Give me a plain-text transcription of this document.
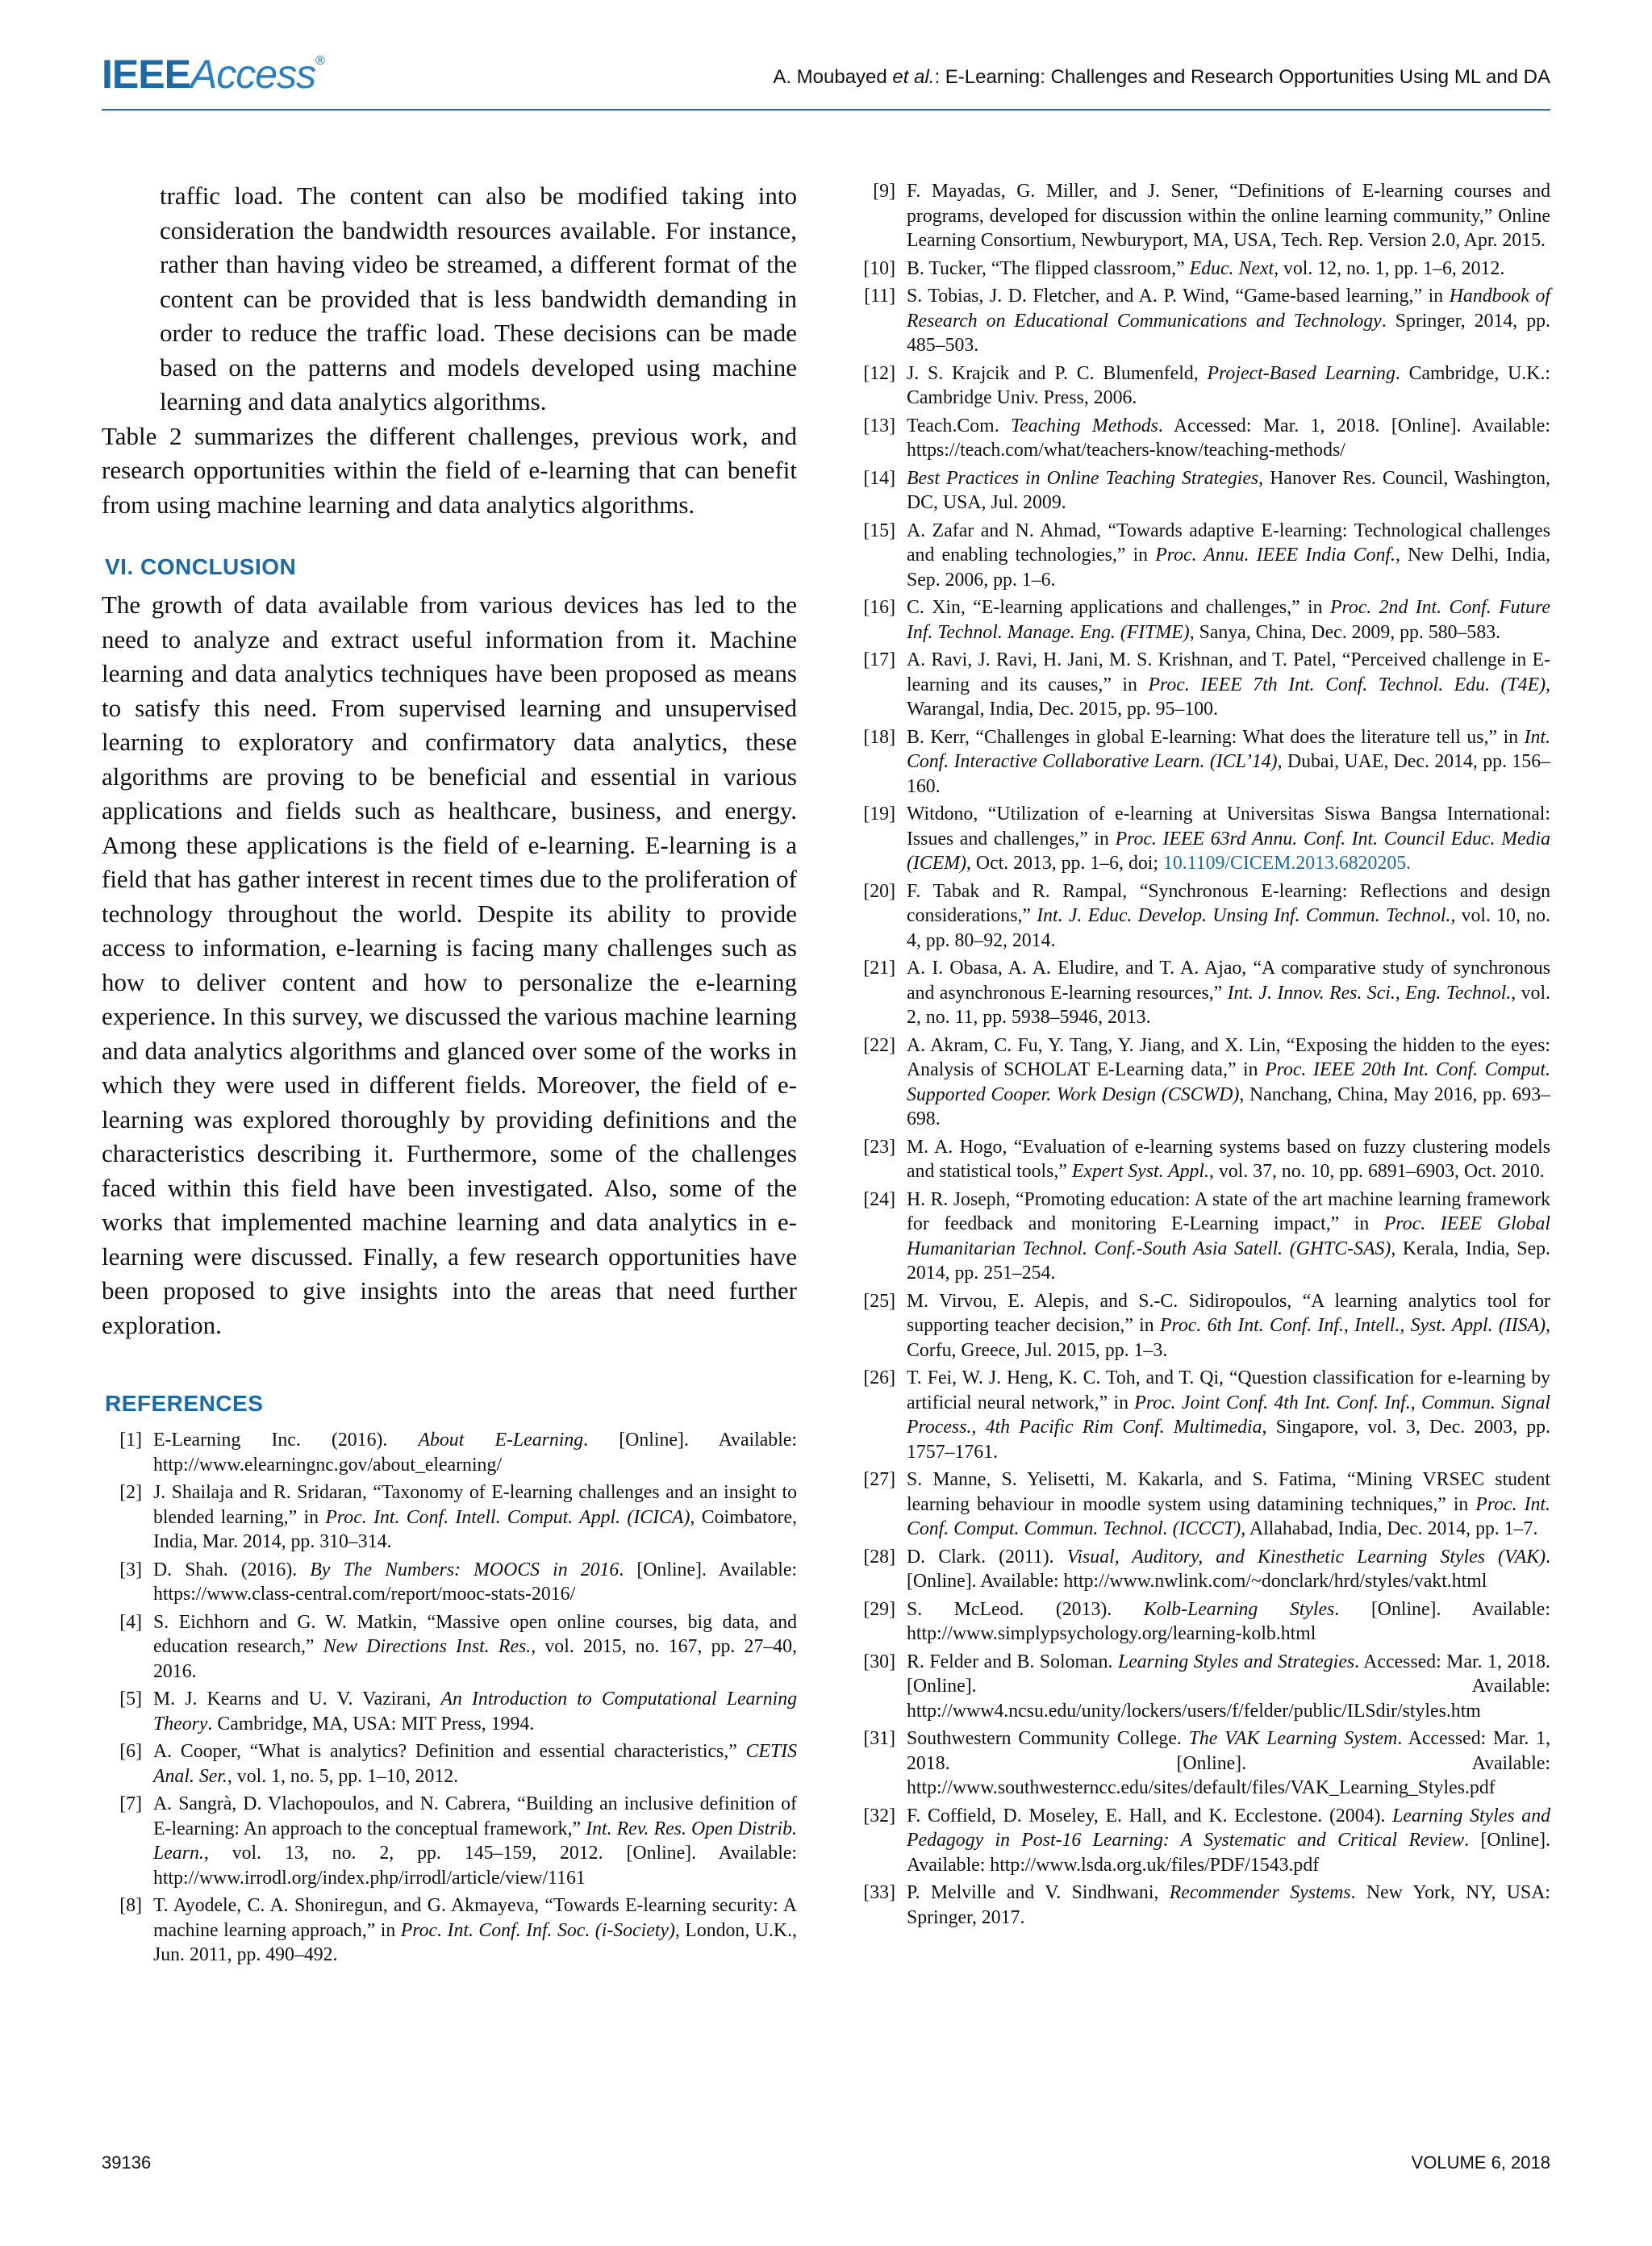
IEEEAccess®
A. Moubayed et al.: E-Learning: Challenges and Research Opportunities Using ML and DA

traffic load. The content can also be modified taking into consideration the bandwidth resources available. For instance, rather than having video be streamed, a different format of the content can be provided that is less bandwidth demanding in order to reduce the traffic load. These decisions can be made based on the patterns and models developed using machine learning and data analytics algorithms.

Table 2 summarizes the different challenges, previous work, and research opportunities within the field of e-learning that can benefit from using machine learning and data analytics algorithms.

VI. CONCLUSION

The growth of data available from various devices has led to the need to analyze and extract useful information from it. Machine learning and data analytics techniques have been proposed as means to satisfy this need. From supervised learning and unsupervised learning to exploratory and confirmatory data analytics, these algorithms are proving to be beneficial and essential in various applications and fields such as healthcare, business, and energy. Among these applications is the field of e-learning. E-learning is a field that has gather interest in recent times due to the proliferation of technology throughout the world. Despite its ability to provide access to information, e-learning is facing many challenges such as how to deliver content and how to personalize the e-learning experience. In this survey, we discussed the various machine learning and data analytics algorithms and glanced over some of the works in which they were used in different fields. Moreover, the field of e-learning was explored thoroughly by providing definitions and the characteristics describing it. Furthermore, some of the challenges faced within this field have been investigated. Also, some of the works that implemented machine learning and data analytics in e-learning were discussed. Finally, a few research opportunities have been proposed to give insights into the areas that need further exploration.

REFERENCES
[1] E-Learning Inc. (2016). About E-Learning. [Online]. Available: http://www.elearningnc.gov/about_elearning/
[2] J. Shailaja and R. Sridaran, “Taxonomy of E-learning challenges and an insight to blended learning,” in Proc. Int. Conf. Intell. Comput. Appl. (ICICA), Coimbatore, India, Mar. 2014, pp. 310–314.
[3] D. Shah. (2016). By The Numbers: MOOCS in 2016. [Online]. Available: https://www.class-central.com/report/mooc-stats-2016/
[4] S. Eichhorn and G. W. Matkin, “Massive open online courses, big data, and education research,” New Directions Inst. Res., vol. 2015, no. 167, pp. 27–40, 2016.
[5] M. J. Kearns and U. V. Vazirani, An Introduction to Computational Learning Theory. Cambridge, MA, USA: MIT Press, 1994.
[6] A. Cooper, “What is analytics? Definition and essential characteristics,” CETIS Anal. Ser., vol. 1, no. 5, pp. 1–10, 2012.
[7] A. Sangrà, D. Vlachopoulos, and N. Cabrera, “Building an inclusive definition of E-learning: An approach to the conceptual framework,” Int. Rev. Res. Open Distrib. Learn., vol. 13, no. 2, pp. 145–159, 2012. [Online]. Available: http://www.irrodl.org/index.php/irrodl/article/view/1161
[8] T. Ayodele, C. A. Shoniregun, and G. Akmayeva, “Towards E-learning security: A machine learning approach,” in Proc. Int. Conf. Inf. Soc. (i-Society), London, U.K., Jun. 2011, pp. 490–492.
[9] F. Mayadas, G. Miller, and J. Sener, “Definitions of E-learning courses and programs, developed for discussion within the online learning community,” Online Learning Consortium, Newburyport, MA, USA, Tech. Rep. Version 2.0, Apr. 2015.
[10] B. Tucker, “The flipped classroom,” Educ. Next, vol. 12, no. 1, pp. 1–6, 2012.
[11] S. Tobias, J. D. Fletcher, and A. P. Wind, “Game-based learning,” in Handbook of Research on Educational Communications and Technology. Springer, 2014, pp. 485–503.
[12] J. S. Krajcik and P. C. Blumenfeld, Project-Based Learning. Cambridge, U.K.: Cambridge Univ. Press, 2006.
[13] Teach.Com. Teaching Methods. Accessed: Mar. 1, 2018. [Online]. Available: https://teach.com/what/teachers-know/teaching-methods/
[14] Best Practices in Online Teaching Strategies, Hanover Res. Council, Washington, DC, USA, Jul. 2009.
[15] A. Zafar and N. Ahmad, “Towards adaptive E-learning: Technological challenges and enabling technologies,” in Proc. Annu. IEEE India Conf., New Delhi, India, Sep. 2006, pp. 1–6.
[16] C. Xin, “E-learning applications and challenges,” in Proc. 2nd Int. Conf. Future Inf. Technol. Manage. Eng. (FITME), Sanya, China, Dec. 2009, pp. 580–583.
[17] A. Ravi, J. Ravi, H. Jani, M. S. Krishnan, and T. Patel, “Perceived challenge in E-learning and its causes,” in Proc. IEEE 7th Int. Conf. Technol. Edu. (T4E), Warangal, India, Dec. 2015, pp. 95–100.
[18] B. Kerr, “Challenges in global E-learning: What does the literature tell us,” in Int. Conf. Interactive Collaborative Learn. (ICL’14), Dubai, UAE, Dec. 2014, pp. 156–160.
[19] Witdono, “Utilization of e-learning at Universitas Siswa Bangsa International: Issues and challenges,” in Proc. IEEE 63rd Annu. Conf. Int. Council Educ. Media (ICEM), Oct. 2013, pp. 1–6, doi; 10.1109/CICEM.2013.6820205.
[20] F. Tabak and R. Rampal, “Synchronous E-learning: Reflections and design considerations,” Int. J. Educ. Develop. Unsing Inf. Commun. Technol., vol. 10, no. 4, pp. 80–92, 2014.
[21] A. I. Obasa, A. A. Eludire, and T. A. Ajao, “A comparative study of synchronous and asynchronous E-learning resources,” Int. J. Innov. Res. Sci., Eng. Technol., vol. 2, no. 11, pp. 5938–5946, 2013.
[22] A. Akram, C. Fu, Y. Tang, Y. Jiang, and X. Lin, “Exposing the hidden to the eyes: Analysis of SCHOLAT E-Learning data,” in Proc. IEEE 20th Int. Conf. Comput. Supported Cooper. Work Design (CSCWD), Nanchang, China, May 2016, pp. 693–698.
[23] M. A. Hogo, “Evaluation of e-learning systems based on fuzzy clustering models and statistical tools,” Expert Syst. Appl., vol. 37, no. 10, pp. 6891–6903, Oct. 2010.
[24] H. R. Joseph, “Promoting education: A state of the art machine learning framework for feedback and monitoring E-Learning impact,” in Proc. IEEE Global Humanitarian Technol. Conf.-South Asia Satell. (GHTC-SAS), Kerala, India, Sep. 2014, pp. 251–254.
[25] M. Virvou, E. Alepis, and S.-C. Sidiropoulos, “A learning analytics tool for supporting teacher decision,” in Proc. 6th Int. Conf. Inf., Intell., Syst. Appl. (IISA), Corfu, Greece, Jul. 2015, pp. 1–3.
[26] T. Fei, W. J. Heng, K. C. Toh, and T. Qi, “Question classification for e-learning by artificial neural network,” in Proc. Joint Conf. 4th Int. Conf. Inf., Commun. Signal Process., 4th Pacific Rim Conf. Multimedia, Singapore, vol. 3, Dec. 2003, pp. 1757–1761.
[27] S. Manne, S. Yelisetti, M. Kakarla, and S. Fatima, “Mining VRSEC student learning behaviour in moodle system using datamining techniques,” in Proc. Int. Conf. Comput. Commun. Technol. (ICCCT), Allahabad, India, Dec. 2014, pp. 1–7.
[28] D. Clark. (2011). Visual, Auditory, and Kinesthetic Learning Styles (VAK). [Online]. Available: http://www.nwlink.com/~donclark/hrd/styles/vakt.html
[29] S. McLeod. (2013). Kolb-Learning Styles. [Online]. Available: http://www.simplypsychology.org/learning-kolb.html
[30] R. Felder and B. Soloman. Learning Styles and Strategies. Accessed: Mar. 1, 2018. [Online]. Available: http://www4.ncsu.edu/unity/lockers/users/f/felder/public/ILSdir/styles.htm
[31] Southwestern Community College. The VAK Learning System. Accessed: Mar. 1, 2018. [Online]. Available: http://www.southwesterncc.edu/sites/default/files/VAK_Learning_Styles.pdf
[32] F. Coffield, D. Moseley, E. Hall, and K. Ecclestone. (2004). Learning Styles and Pedagogy in Post-16 Learning: A Systematic and Critical Review. [Online]. Available: http://www.lsda.org.uk/files/PDF/1543.pdf
[33] P. Melville and V. Sindhwani, Recommender Systems. New York, NY, USA: Springer, 2017.
39136	VOLUME 6, 2018
